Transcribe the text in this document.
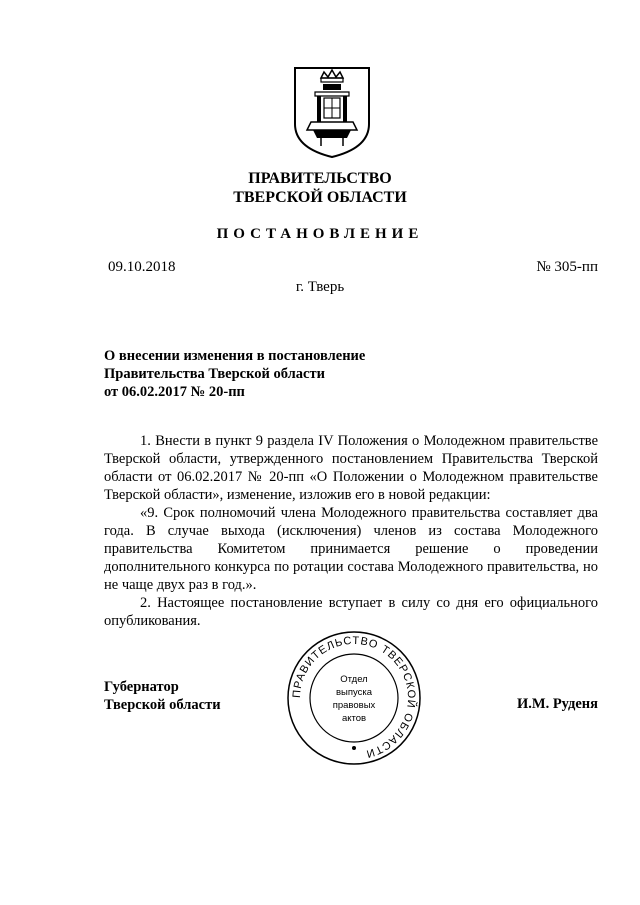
ПРАВИТЕЛЬСТВО
ТВЕРСКОЙ ОБЛАСТИ
ПОСТАНОВЛЕНИЕ
09.10.2018	№ 305-пп
г. Тверь
О внесении изменения в постановление
Правительства Тверской области
от 06.02.2017 № 20-пп

1. Внести в пункт 9 раздела IV Положения о Молодежном правительстве Тверской области, утвержденного постановлением Правительства Тверской области от 06.02.2017 № 20-пп «О Положении о Молодежном правительстве Тверской области», изменение, изложив его в новой редакции:

«9. Срок полномочий члена Молодежного правительства составляет два года. В случае выхода (исключения) членов из состава Молодежного правительства Комитетом принимается решение о проведении дополнительного конкурса по ротации состава Молодежного правительства, но не чаще двух раз в год.».

2. Настоящее постановление вступает в силу со дня его официального опубликования.

Губернатор
Тверской области
ПРАВИТЕЛЬСТВО ТВЕРСКОЙ ОБЛАСТИ
Отдел
выпуска
правовых
актов
И.М. Руденя
